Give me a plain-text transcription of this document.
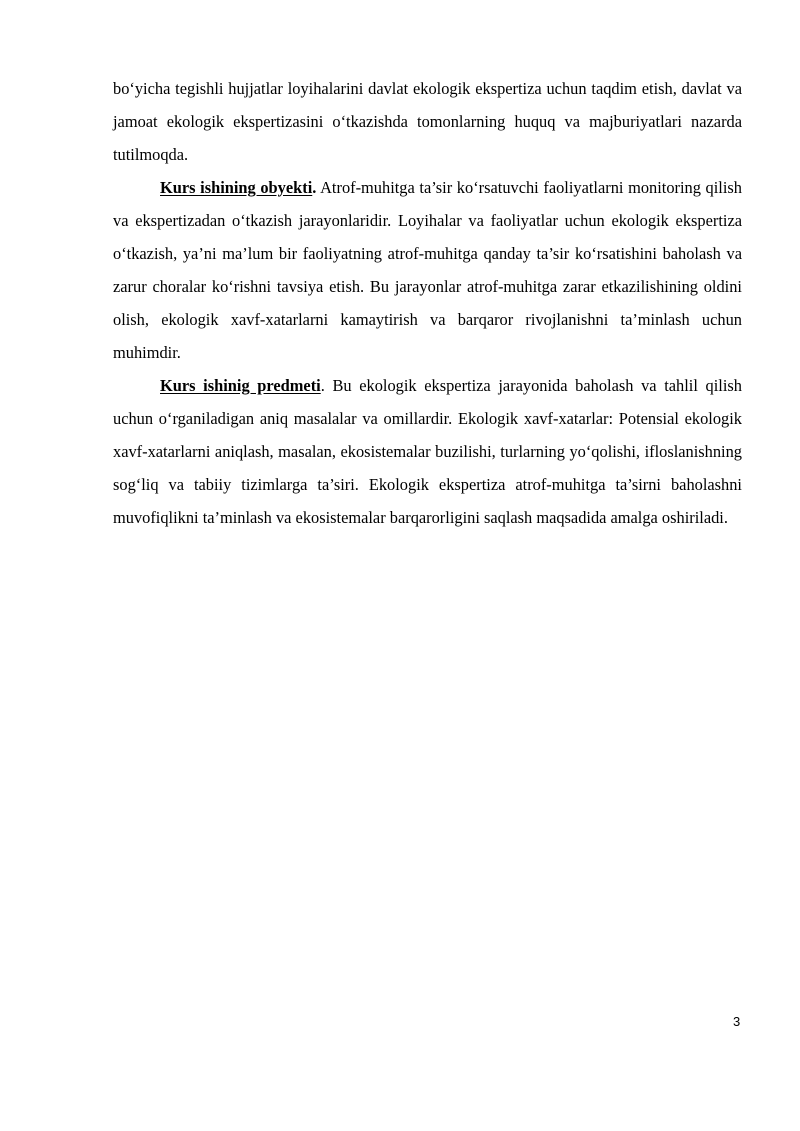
bo‘yicha tegishli hujjatlar loyihalarini davlat ekologik ekspertiza uchun taqdim etish, davlat va jamoat ekologik ekspertizasini o‘tkazishda tomonlarning huquq va majburiyatlari nazarda tutilmoqda.

Kurs ishining obyekti. Atrof-muhitga ta’sir ko‘rsatuvchi faoliyatlarni monitoring qilish va ekspertizadan o‘tkazish jarayonlaridir. Loyihalar va faoliyatlar uchun ekologik ekspertiza o‘tkazish, ya’ni ma’lum bir faoliyatning atrof-muhitga qanday ta’sir ko‘rsatishini baholash va zarur choralar ko‘rishni tavsiya etish. Bu jarayonlar atrof-muhitga zarar etkazilishining oldini olish, ekologik xavf-xatarlarni kamaytirish va barqaror rivojlanishni ta’minlash uchun muhimdir.

Kurs ishinig predmeti. Bu ekologik ekspertiza jarayonida baholash va tahlil qilish uchun o‘rganiladigan aniq masalalar va omillardir. Ekologik xavf-xatarlar: Potensial ekologik xavf-xatarlarni aniqlash, masalan, ekosistemalar buzilishi, turlarning yo‘qolishi, ifloslanishning sog‘liq va tabiiy tizimlarga ta’siri. Ekologik ekspertiza atrof-muhitga ta’sirni baholashni muvofiqlikni ta’minlash va ekosistemalar barqarorligini saqlash maqsadida amalga oshiriladi.

3
